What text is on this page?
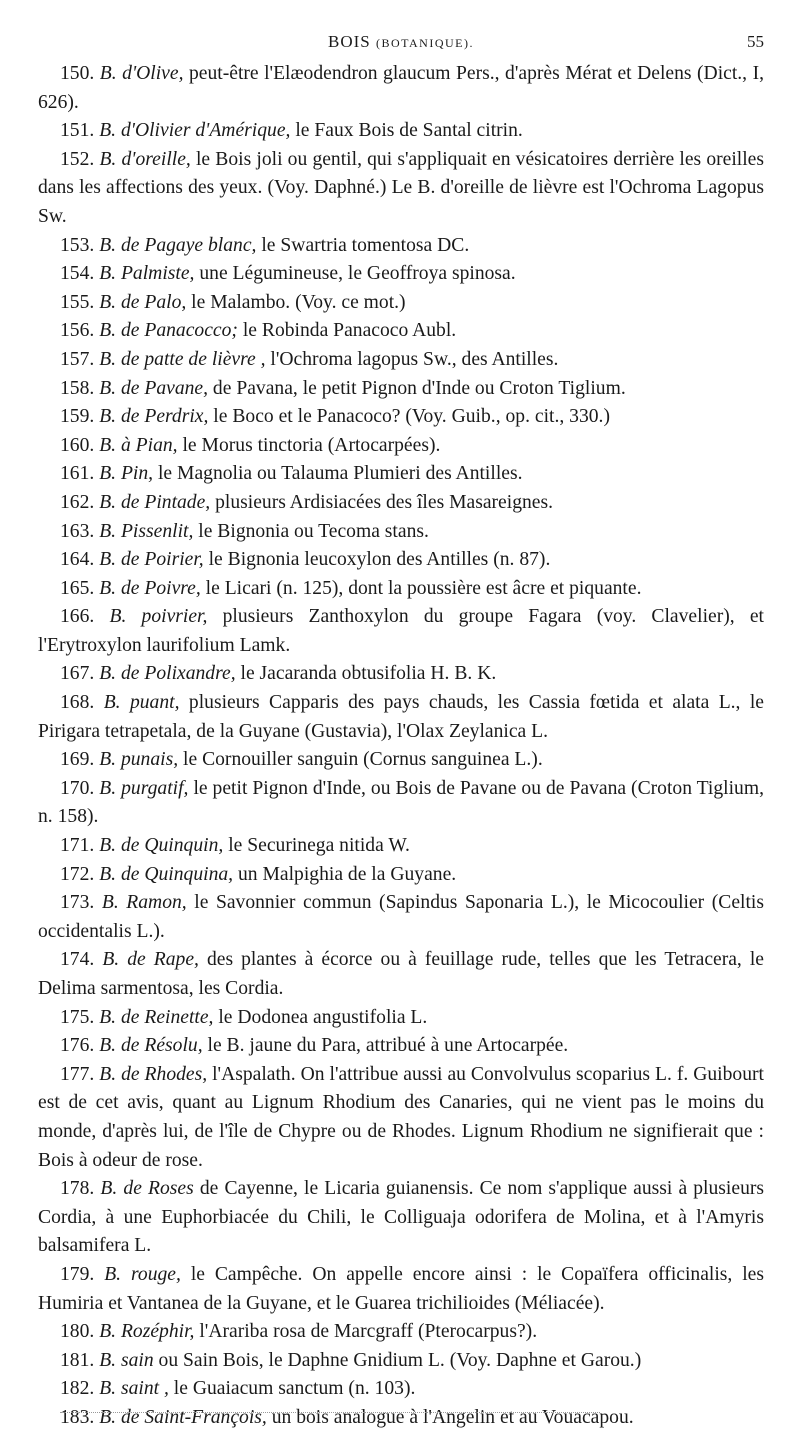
BOIS (BOTANIQUE).	55

150. B. d'Olive, peut-être l'Elæodendron glaucum Pers., d'après Mérat et Delens (Dict., I, 626).

151. B. d'Olivier d'Amérique, le Faux Bois de Santal citrin.

152. B. d'oreille, le Bois joli ou gentil, qui s'appliquait en vésicatoires derrière les oreilles dans les affections des yeux. (Voy. Daphné.) Le B. d'oreille de lièvre est l'Ochroma Lagopus Sw.

153. B. de Pagaye blanc, le Swartria tomentosa DC.

154. B. Palmiste, une Légumineuse, le Geoffroya spinosa.

155. B. de Palo, le Malambo. (Voy. ce mot.)

156. B. de Panacocco; le Robinda Panacoco Aubl.

157. B. de patte de lièvre , l'Ochroma lagopus Sw., des Antilles.

158. B. de Pavane, de Pavana, le petit Pignon d'Inde ou Croton Tiglium.

159. B. de Perdrix, le Boco et le Panacoco? (Voy. Guib., op. cit., 330.)

160. B. à Pian, le Morus tinctoria (Artocarpées).

161. B. Pin, le Magnolia ou Talauma Plumieri des Antilles.

162. B. de Pintade, plusieurs Ardisiacées des îles Masareignes.

163. B. Pissenlit, le Bignonia ou Tecoma stans.

164. B. de Poirier, le Bignonia leucoxylon des Antilles (n. 87).

165. B. de Poivre, le Licari (n. 125), dont la poussière est âcre et piquante.

166. B. poivrier, plusieurs Zanthoxylon du groupe Fagara (voy. Clavelier), et l'Erytroxylon laurifolium Lamk.

167. B. de Polixandre, le Jacaranda obtusifolia H. B. K.

168. B. puant, plusieurs Capparis des pays chauds, les Cassia fœtida et alata L., le Pirigara tetrapetala, de la Guyane (Gustavia), l'Olax Zeylanica L.

169. B. punais, le Cornouiller sanguin (Cornus sanguinea L.).

170. B. purgatif, le petit Pignon d'Inde, ou Bois de Pavane ou de Pavana (Croton Tiglium, n. 158).

171. B. de Quinquin, le Securinega nitida W.

172. B. de Quinquina, un Malpighia de la Guyane.

173. B. Ramon, le Savonnier commun (Sapindus Saponaria L.), le Micocoulier (Celtis occidentalis L.).

174. B. de Rape, des plantes à écorce ou à feuillage rude, telles que les Tetracera, le Delima sarmentosa, les Cordia.

175. B. de Reinette, le Dodonea angustifolia L.

176. B. de Résolu, le B. jaune du Para, attribué à une Artocarpée.

177. B. de Rhodes, l'Aspalath. On l'attribue aussi au Convolvulus scoparius L. f. Guibourt est de cet avis, quant au Lignum Rhodium des Canaries, qui ne vient pas le moins du monde, d'après lui, de l'île de Chypre ou de Rhodes. Lignum Rhodium ne signifierait que : Bois à odeur de rose.

178. B. de Roses de Cayenne, le Licaria guianensis. Ce nom s'applique aussi à plusieurs Cordia, à une Euphorbiacée du Chili, le Colliguaja odorifera de Molina, et à l'Amyris balsamifera L.

179. B. rouge, le Campêche. On appelle encore ainsi : le Copaïfera officinalis, les Humiria et Vantanea de la Guyane, et le Guarea trichilioides (Méliacée).

180. B. Rozéphir, l'Arariba rosa de Marcgraff (Pterocarpus?).

181. B. sain ou Sain Bois, le Daphne Gnidium L. (Voy. Daphne et Garou.)

182. B. saint , le Guaiacum sanctum (n. 103).

183. B. de Saint-François, un bois analogue à l'Angelin et au Vouacapou.
